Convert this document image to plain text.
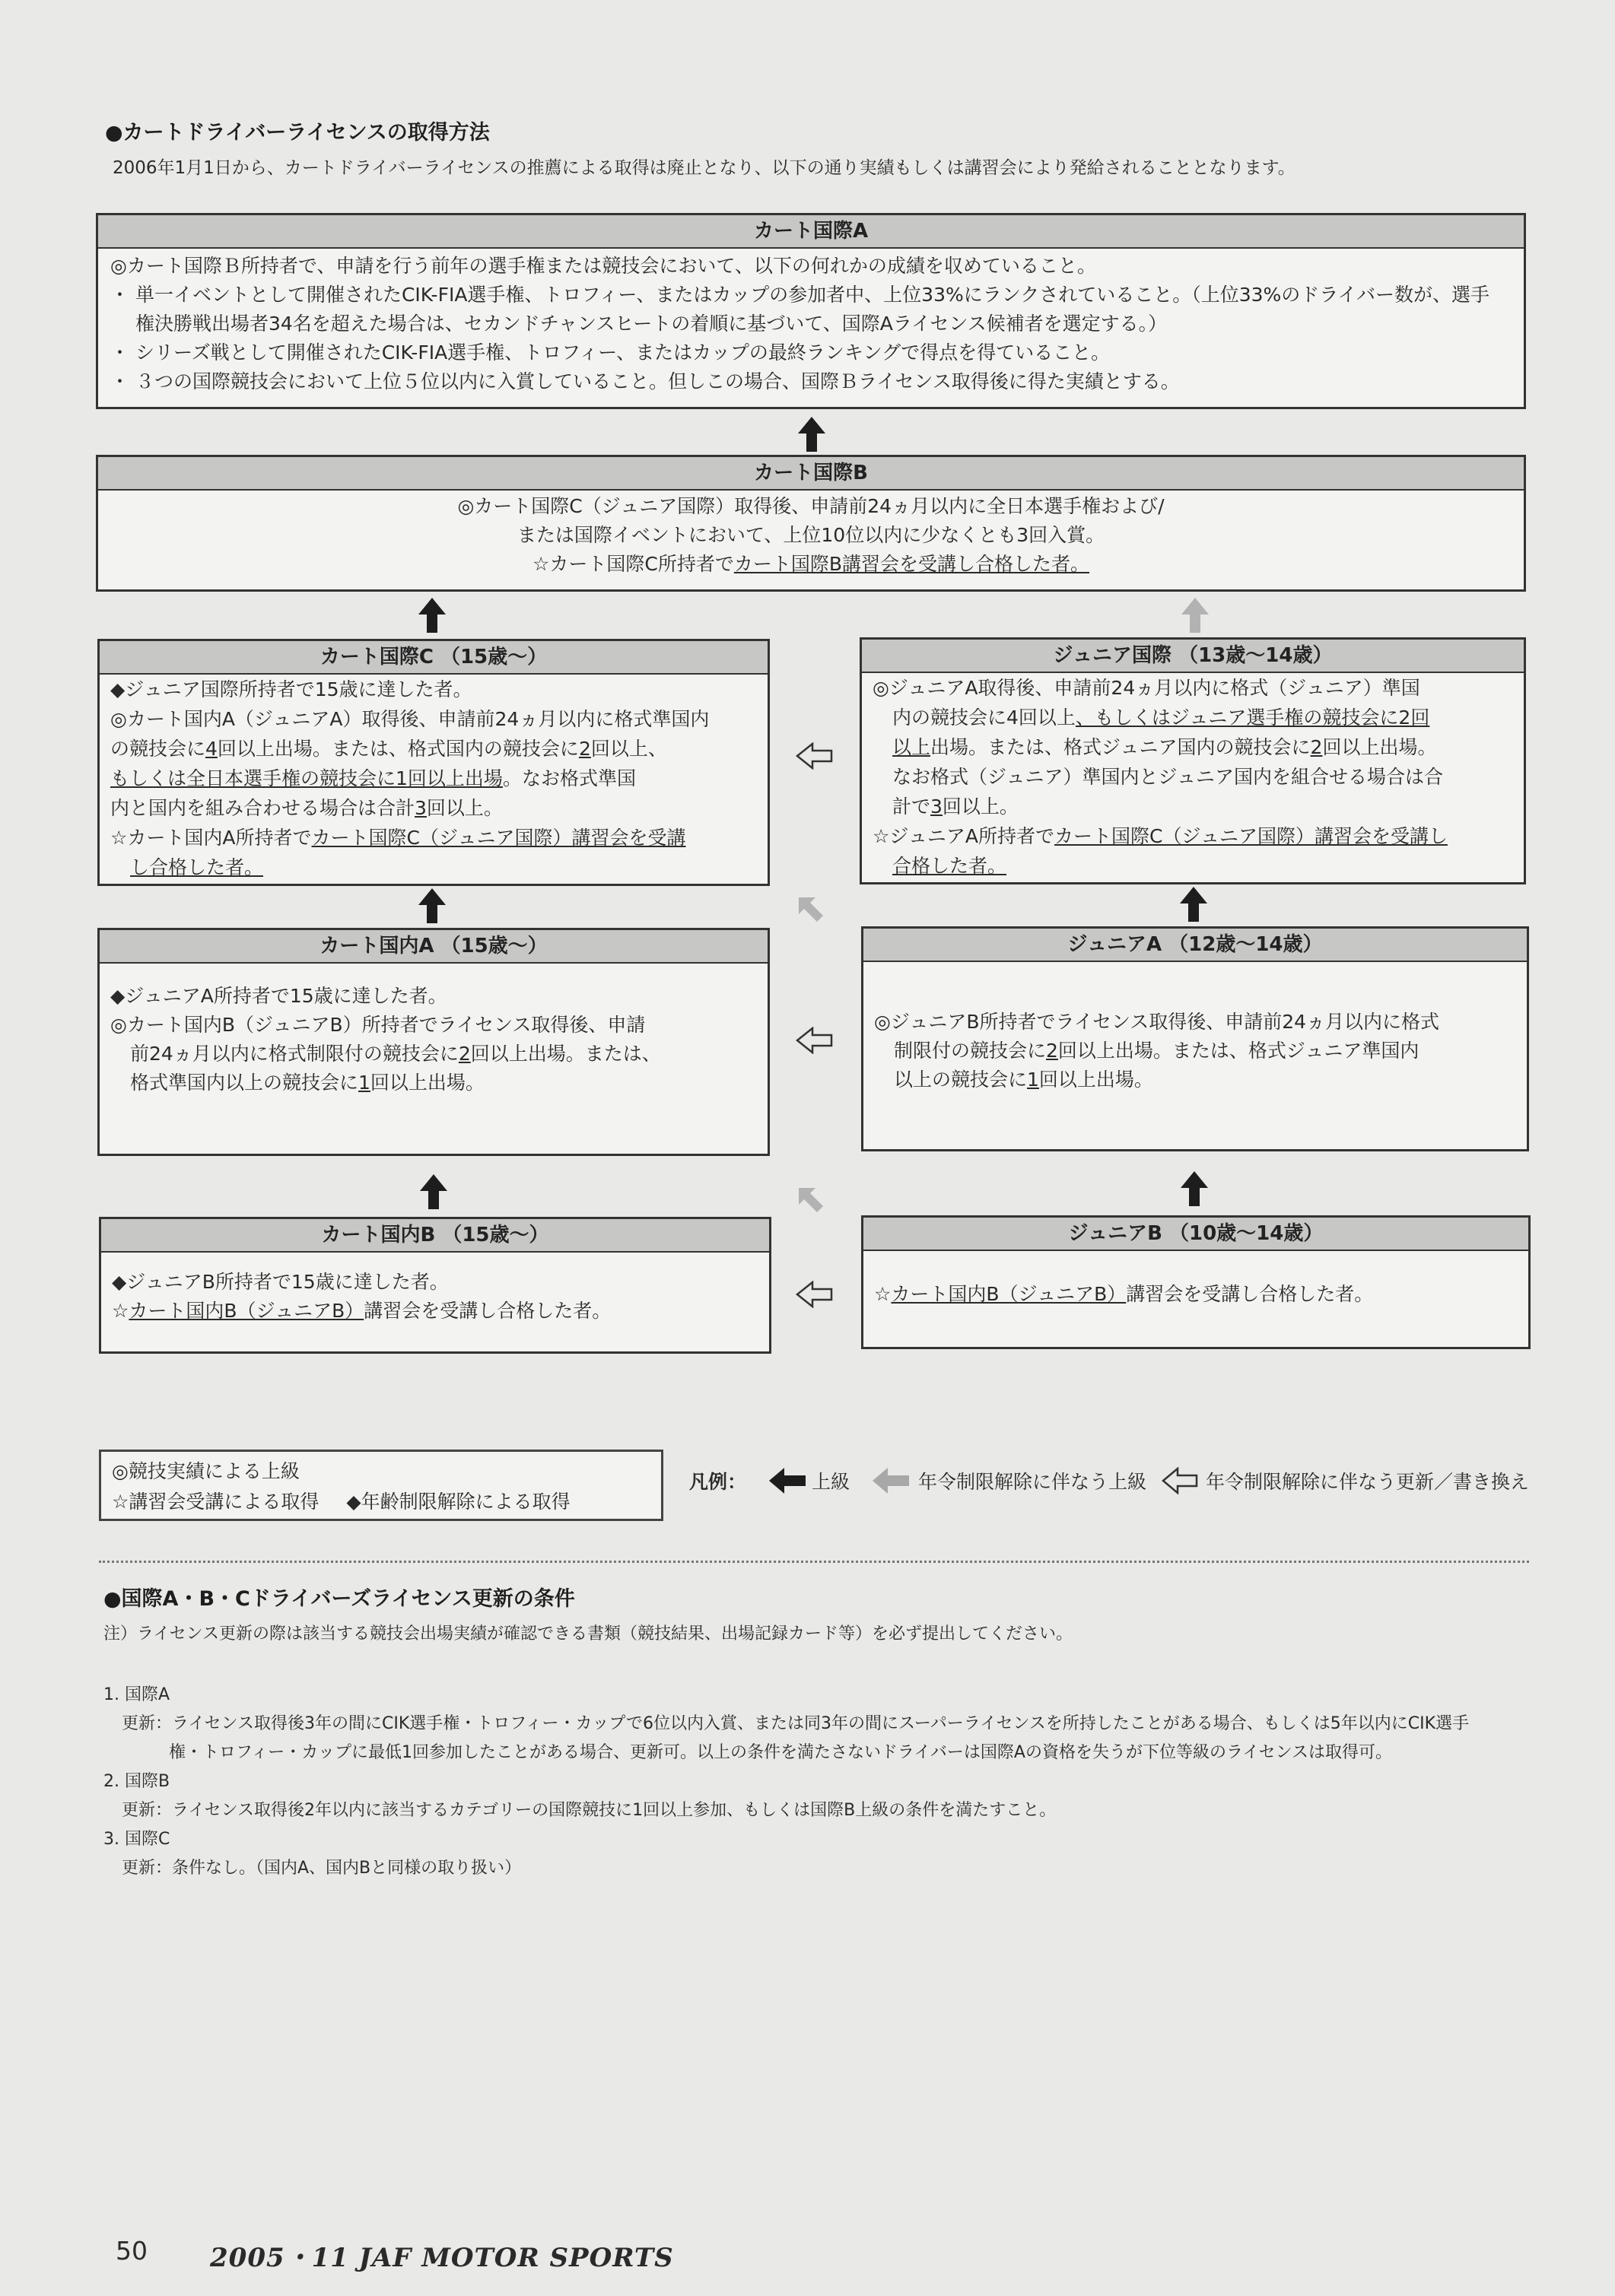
●カートドライバーライセンスの取得方法
2006年1月1日から、カートドライバーライセンスの推薦による取得は廃止となり、以下の通り実績もしくは講習会により発給されることとなります。
カート国際A
◎カート国際Ｂ所持者で、申請を行う前年の選手権または競技会において、以下の何れかの成績を収めていること。
・ 単一イベントとして開催されたCIK-FIA選手権、トロフィー、またはカップの参加者中、上位33%にランクされていること。（上位33%のドライバー数が、選手
　 権決勝戦出場者34名を超えた場合は、セカンドチャンスヒートの着順に基づいて、国際Aライセンス候補者を選定する。）
・ シリーズ戦として開催されたCIK-FIA選手権、トロフィー、またはカップの最終ランキングで得点を得ていること。
・ ３つの国際競技会において上位５位以内に入賞していること。但しこの場合、国際Ｂライセンス取得後に得た実績とする。
カート国際B
◎カート国際C（ジュニア国際）取得後、申請前24ヵ月以内に全日本選手権および/
または国際イベントにおいて、上位10位以内に少なくとも3回入賞。
☆カート国際C所持者でカート国際B講習会を受講し合格した者。
カート国際C （15歳〜）
◆ジュニア国際所持者で15歳に達した者。
◎カート国内A（ジュニアA）取得後、申請前24ヵ月以内に格式準国内
の競技会に4回以上出場。または、格式国内の競技会に2回以上、
もしくは全日本選手権の競技会に1回以上出場。なお格式準国
内と国内を組み合わせる場合は合計3回以上。
☆カート国内A所持者でカート国際C（ジュニア国際）講習会を受講
し合格した者。
ジュニア国際 （13歳〜14歳）
◎ジュニアA取得後、申請前24ヵ月以内に格式（ジュニア）準国
内の競技会に4回以上、もしくはジュニア選手権の競技会に2回
以上出場。または、格式ジュニア国内の競技会に2回以上出場。
なお格式（ジュニア）準国内とジュニア国内を組合せる場合は合
計で3回以上。
☆ジュニアA所持者でカート国際C（ジュニア国際）講習会を受講し
合格した者。
カート国内A （15歳〜）
◆ジュニアA所持者で15歳に達した者。
◎カート国内B（ジュニアB）所持者でライセンス取得後、申請
前24ヵ月以内に格式制限付の競技会に2回以上出場。または、
格式準国内以上の競技会に1回以上出場。
ジュニアA （12歳〜14歳）
◎ジュニアB所持者でライセンス取得後、申請前24ヵ月以内に格式
制限付の競技会に2回以上出場。または、格式ジュニア準国内
以上の競技会に1回以上出場。
カート国内B （15歳〜）
◆ジュニアB所持者で15歳に達した者。
☆カート国内B（ジュニアB）講習会を受講し合格した者。
ジュニアB （10歳〜14歳）
☆カート国内B（ジュニアB）講習会を受講し合格した者。
◎競技実績による上級
☆講習会受講による取得 ◆年齢制限解除による取得
凡例：	上級	年令制限解除に伴なう上級	年令制限解除に伴なう更新／書き換え
●国際A・B・Cドライバーズライセンス更新の条件
注）ライセンス更新の際は該当する競技会出場実績が確認できる書類（競技結果、出場記録カード等）を必ず提出してください。
1. 国際A
更新：ライセンス取得後3年の間にCIK選手権・トロフィー・カップで6位以内入賞、または同3年の間にスーパーライセンスを所持したことがある場合、もしくは5年以内にCIK選手
権・トロフィー・カップに最低1回参加したことがある場合、更新可。以上の条件を満たさないドライバーは国際Aの資格を失うが下位等級のライセンスは取得可。
2. 国際B
更新：ライセンス取得後2年以内に該当するカテゴリーの国際競技に1回以上参加、もしくは国際B上級の条件を満たすこと。
3. 国際C
更新：条件なし。（国内A、国内Bと同様の取り扱い）
50 2005・11 JAF MOTOR SPORTS
